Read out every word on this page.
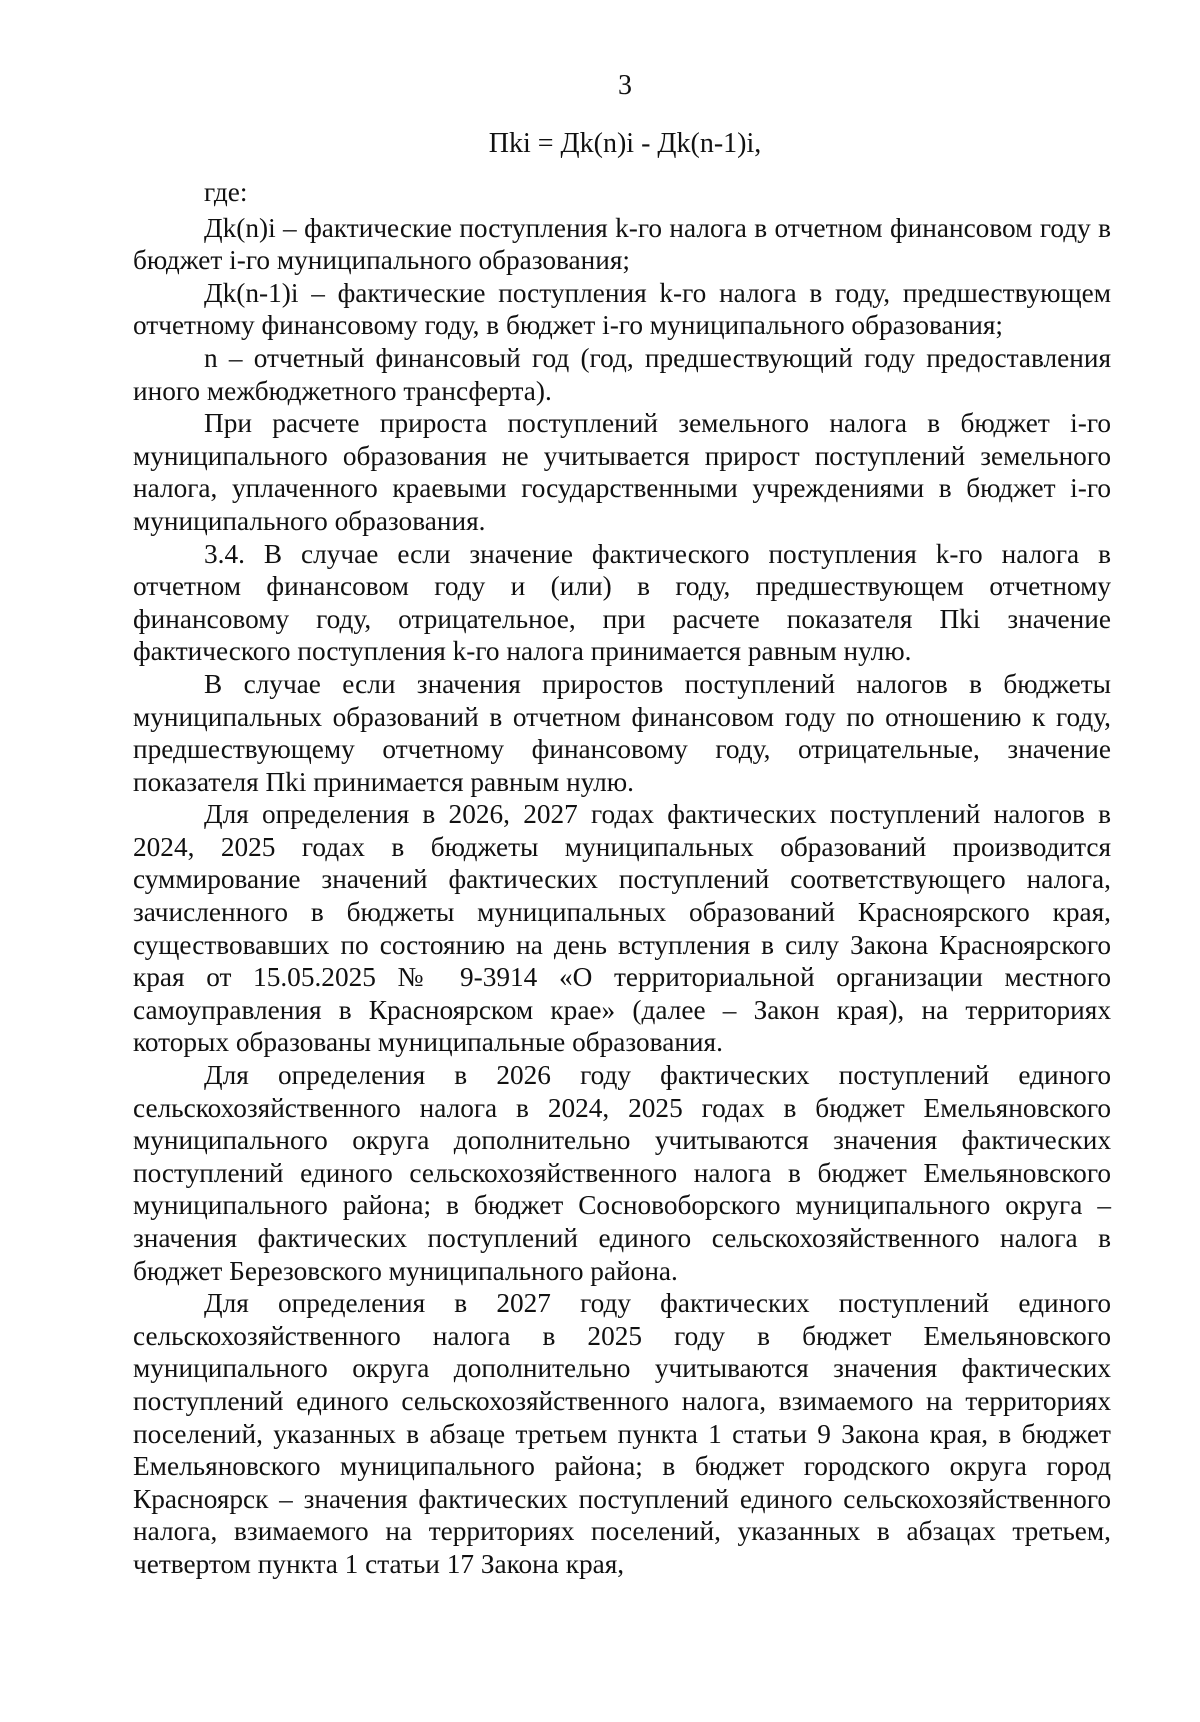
3
Пki = Дk(n)i - Дk(n-1)i,

где:

Дk(n)i – фактические поступления k-го налога в отчетном финансовом году в бюджет i-го муниципального образования;

Дk(n-1)i – фактические поступления k-го налога в году, предшествующем отчетному финансовому году, в бюджет i-го муниципального образования;

n – отчетный финансовый год (год, предшествующий году предоставления иного межбюджетного трансферта).

При расчете прироста поступлений земельного налога в бюджет i-го муниципального образования не учитывается прирост поступлений земельного налога, уплаченного краевыми государственными учреждениями в бюджет i-го муниципального образования.

3.4. В случае если значение фактического поступления k-го налога в отчетном финансовом году и (или) в году, предшествующем отчетному финансовому году, отрицательное, при расчете показателя Пki значение фактического поступления k-го налога принимается равным нулю.

В случае если значения приростов поступлений налогов в бюджеты муниципальных образований в отчетном финансовом году по отношению к году, предшествующему отчетному финансовому году, отрицательные, значение показателя Пki принимается равным нулю.

Для определения в 2026, 2027 годах фактических поступлений налогов в 2024, 2025 годах в бюджеты муниципальных образований производится суммирование значений фактических поступлений соответствующего налога, зачисленного в бюджеты муниципальных образований Красноярского края, существовавших по состоянию на день вступления в силу Закона Красноярского края от 15.05.2025 № 9-3914 «О территориальной организации местного самоуправления в Красноярском крае» (далее – Закон края), на территориях которых образованы муниципальные образования.

Для определения в 2026 году фактических поступлений единого сельскохозяйственного налога в 2024, 2025 годах в бюджет Емельяновского муниципального округа дополнительно учитываются значения фактических поступлений единого сельскохозяйственного налога в бюджет Емельяновского муниципального района; в бюджет Сосновоборского муниципального округа – значения фактических поступлений единого сельскохозяйственного налога в бюджет Березовского муниципального района.

Для определения в 2027 году фактических поступлений единого сельскохозяйственного налога в 2025 году в бюджет Емельяновского муниципального округа дополнительно учитываются значения фактических поступлений единого сельскохозяйственного налога, взимаемого на территориях поселений, указанных в абзаце третьем пункта 1 статьи 9 Закона края, в бюджет Емельяновского муниципального района; в бюджет городского округа город Красноярск – значения фактических поступлений единого сельскохозяйственного налога, взимаемого на территориях поселений, указанных в абзацах третьем, четвертом пункта 1 статьи 17 Закона края,
